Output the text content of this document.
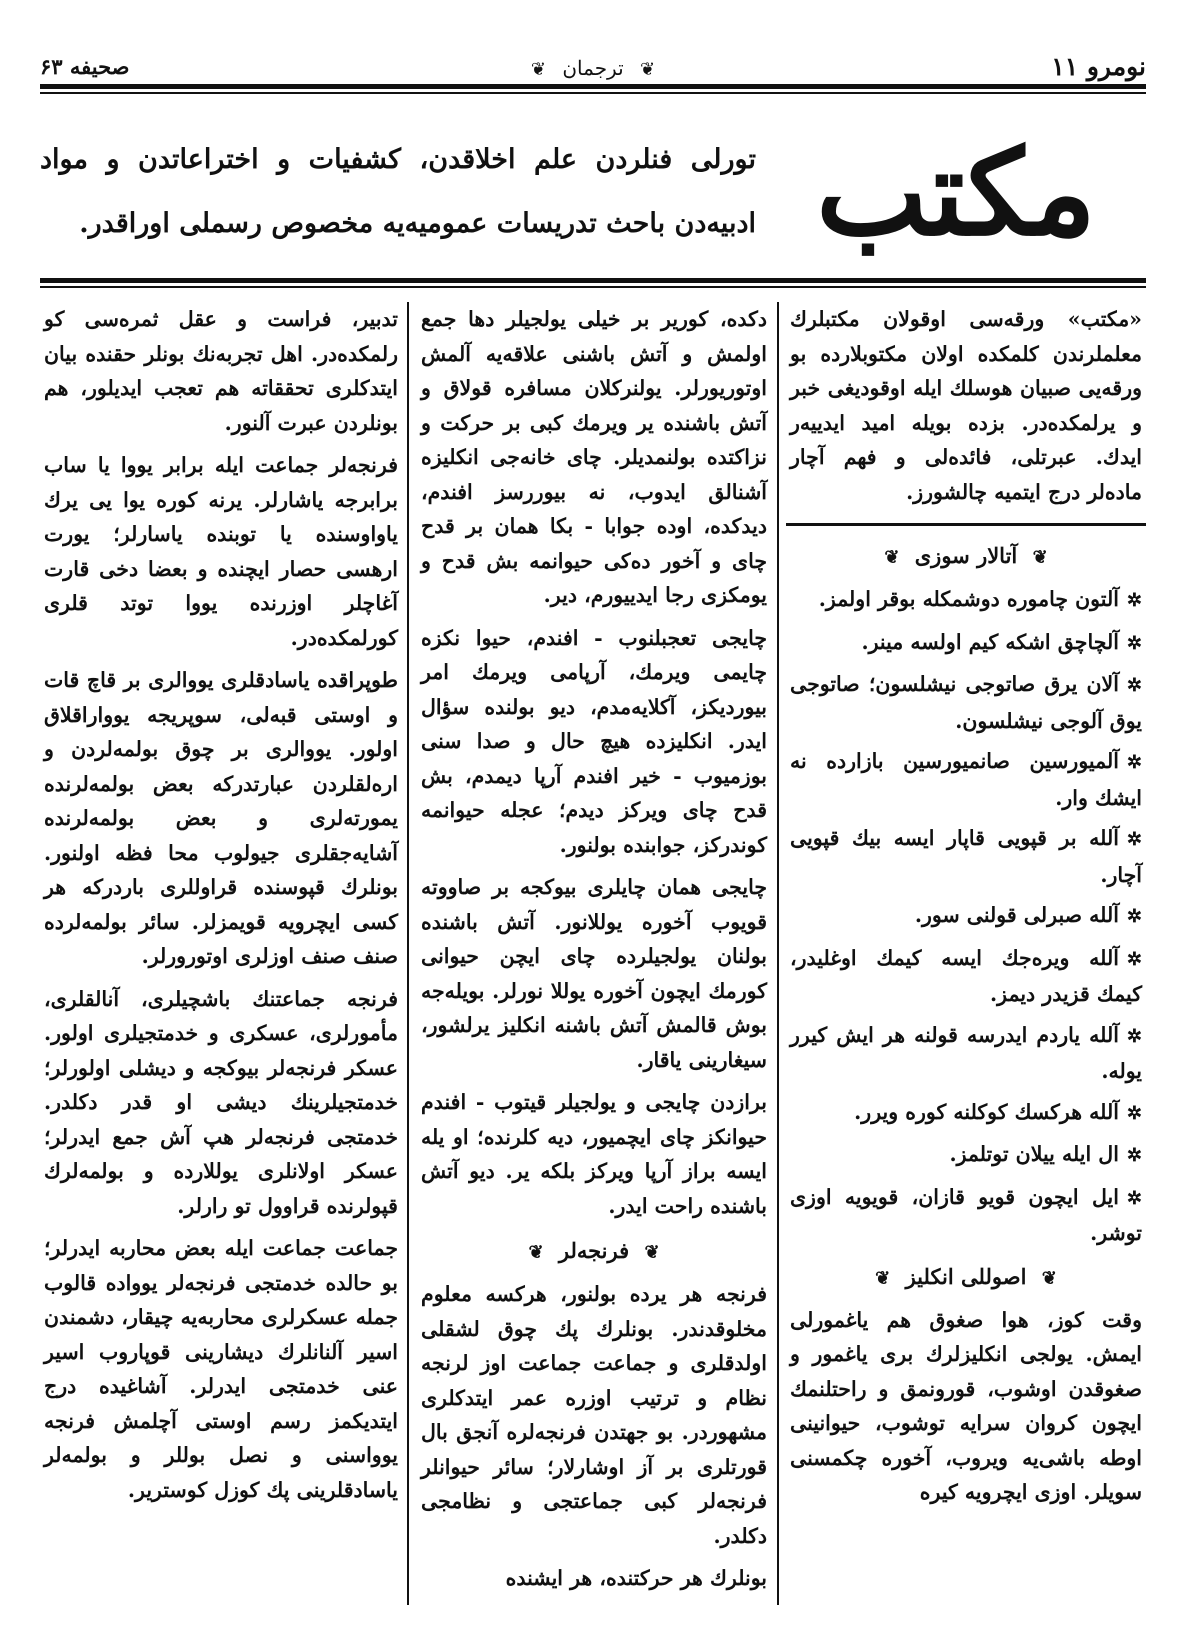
نومرو ۱۱
❦ ترجمان ❦
صحیفه ۶۳
مکتب
تورلی فنلردن علم اخلاقدن، کشفیات و اختراعاتدن و مواد ادبیه‌دن باحث تدریسات عمومیه‌یه مخصوص رسملی اوراقدر.

«مکتب» ورقه‌سی اوقولان مکتبلرك معلملرندن کلمکده اولان مکتوبلارده بو ورقه‌یی صبیان هوسلك ایله اوقودیغی خبر و یرلمکده‌در. بزده بویله امید ایدییه‌ر ایدك. عبرتلی، فائده‌لی و فهم آچار ماده‌لر درج ایتمیه چالشورز.

❦ آتالار سوزی ❦

✲آلتون چاموره دوشمکله بوقر اولمز.

✲آلچاچق اشکه کیم اولسه مینر.

✲آلان یرق صاتوجی نیشلسون؛ صاتوجی یوق آلوجی نیشلسون.

✲آلمیورسین صانمیورسین بازارده نه ایشك وار.

✲آلله بر قپویی قاپار ایسه بیك قپویی آچار.

✲آلله صبرلی قولنی سور.

✲آلله ویره‌جك ایسه کیمك اوغلیدر، کیمك قزیدر دیمز.

✲آلله یاردم ایدرسه قولنه هر ایش کیرر یوله.

✲آلله هرکسك کوکلنه کوره ویرر.

✲ال ایله ییلان توتلمز.

✲ایل ایچون قویو قازان، قویویه اوزی توشر.

❦ اصوللی انکلیز ❦

وقت کوز، هوا صغوق هم یاغمورلی ایمش. یولجی انکلیزلرك بری یاغمور و صغوقدن اوشوب، قورونمق و راحتلنمك ایچون کروان سرایه توشوب، حیوانینی اوطه باشی‌یه ویروب، آخوره چکمسنی سویلر. اوزی ایچرویه کیره

دکده، کوریر بر خیلی یولجیلر دها جمع اولمش و آتش باشنی علاقه‌یه آلمش اوتوریورلر. یولنرکلان مسافره قولاق و آتش باشنده یر ویرمك کبی بر حرکت و نزاکتده بولنمدیلر. چای خانه‌جی انکلیزه آشنالق ایدوب، نه بیوررسز افندم، دیدکده، اوده جوابا - بکا همان بر قدح چای و آخور ده‌کی حیوانمه بش قدح و یومکزی رجا ایدییورم، دیر.

چایجی تعجبلنوب - افندم، حیوا نکزه چایمی ویرمك، آرپامی ویرمك امر بیوردیکز، آکلایه‌مدم، دیو بولنده سؤال ایدر. انکلیزده هیچ حال و صدا سنی بوزمیوب - خیر افندم آرپا دیمدم، بش قدح چای ویرکز دیدم؛ عجله حیوانمه کوندرکز، جوابنده بولنور.

چایجی همان چایلری بیوکجه بر صاووته قویوب آخوره یوللانور. آتش باشنده بولنان یولجیلرده چای ایچن حیوانی کورمك ایچون آخوره یوللا نورلر. بویله‌جه بوش قالمش آتش باشنه انکلیز یرلشور، سیغارینی یاقار.

برازدن چایجی و یولجیلر قیتوب - افندم حیوانکز چای ایچمیور، دیه کلرنده؛ او یله ایسه براز آرپا ویرکز بلکه یر. دیو آتش باشنده راحت ایدر.

❦ فرنجه‌لر ❦

فرنجه هر یرده بولنور، هرکسه معلوم مخلوقدندر. بونلرك پك چوق لشقلی اولدقلری و جماعت جماعت اوز لرنجه نظام و ترتیب اوزره عمر ایتدکلری مشهوردر. بو جهتدن فرنجه‌لره آنجق بال قورتلری بر آز اوشارلار؛ سائر حیوانلر فرنجه‌لر کبی جماعتجی و نظامجی دکلدر.

بونلرك هر حرکتنده، هر ایشنده

تدبیر، فراست و عقل ثمره‌سی کو رلمکده‌در. اهل تجربه‌نك بونلر حقنده بیان ایتدکلری تحققاته هم تعجب ایدیلور، هم بونلردن عبرت آلنور.

فرنجه‌لر جماعت ایله برابر یووا یا ساب برابرجه یاشارلر. یرنه کوره یوا یی یرك یاواوسنده یا توبنده یاسارلر؛ یورت ارهسی حصار ایچنده و بعضا دخی قارت آغاچلر اوزرنده یووا توتد قلری کورلمکده‌در.

طوپراقده یاسادقلری یووالری بر قاچ قات و اوستی قبه‌لی، سوپریجه یوواراقلاق اولور. یووالری بر چوق بولمه‌لردن و اره‌لقلردن عبارتدرکه بعض بولمه‌لرنده یمورته‌لری و بعض بولمه‌لرنده آشایه‌جقلری جیولوب محا فظه اولنور. بونلرك قپوسنده قراوللری باردرکه هر کسی ایچرویه قویمزلر. سائر بولمه‌لرده صنف صنف اوزلری اوتورورلر.

فرنجه جماعتنك باشچیلری، آنالقلری، مأمورلری، عسکری و خدمتجیلری اولور. عسکر فرنجه‌لر بیوکجه و دیشلی اولورلر؛ خدمتجیلرینك دیشی او قدر دکلدر. خدمتجی فرنجه‌لر هپ آش جمع ایدرلر؛ عسکر اولانلری یوللارده و بولمه‌لرك قپولرنده قراوول تو رارلر.

جماعت جماعت ایله بعض محاربه ایدرلر؛ بو حالده خدمتجی فرنجه‌لر یوواده قالوب جمله عسکرلری محاربه‌یه چیقار، دشمندن اسیر آلنانلرك دیشارینی قوپاروب اسیر عنی خدمتجی ایدرلر. آشاغیده درج ایتدیکمز رسم اوستی آچلمش فرنجه یوواسنی و نصل بوللر و بولمه‌لر یاسادقلرینی پك کوزل کوستریر.
